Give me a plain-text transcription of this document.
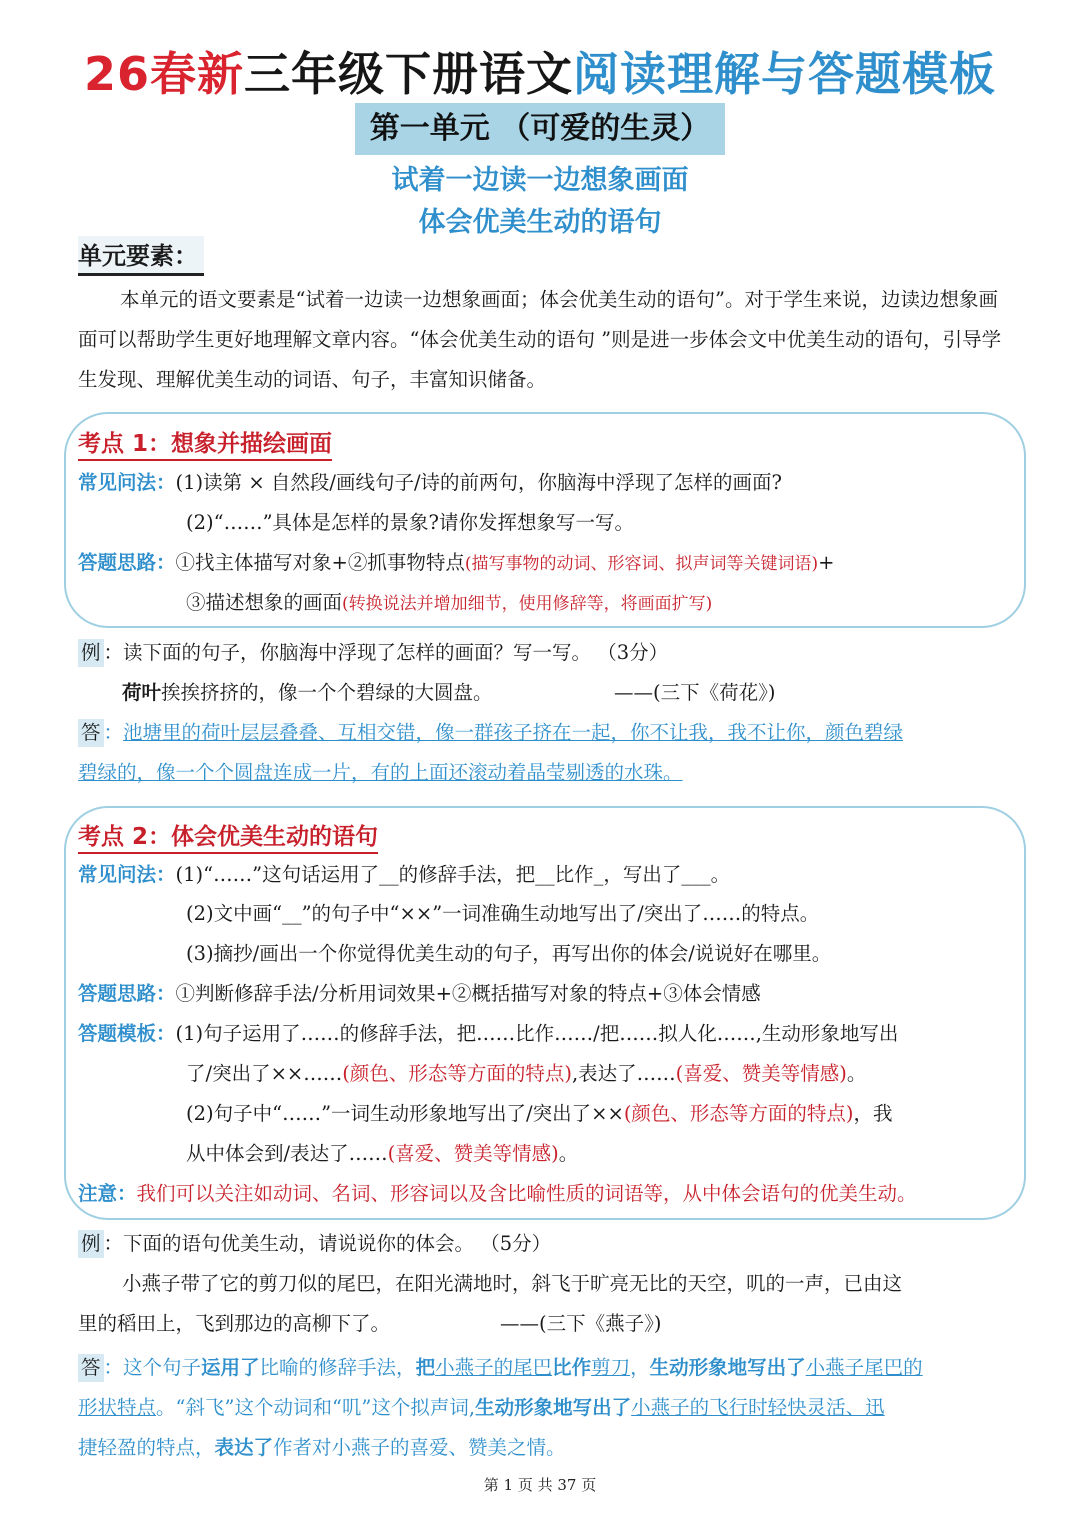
26春新三年级下册语文阅读理解与答题模板
第一单元 （可爱的生灵）
试着一边读一边想象画面
体会优美生动的语句
单元要素：

本单元的语文要素是“试着一边读一边想象画面；体会优美生动的语句”。对于学生来说，边读边想象画面可以帮助学生更好地理解文章内容。“体会优美生动的语句 ”则是进一步体会文中优美生动的语句，引导学生发现、理解优美生动的词语、句子，丰富知识储备。

考点 1：想象并描绘画面
常见问法：(1)读第 × 自然段/画线句子/诗的前两句，你脑海中浮现了怎样的画面?
(2)“……”具体是怎样的景象?请你发挥想象写一写。
答题思路：①找主体描写对象+②抓事物特点(描写事物的动词、形容词、拟声词等关键词语)+
③描述想象的画面(转换说法并增加细节，使用修辞等，将画面扩写)
例 ：读下面的句子，你脑海中浮现了怎样的画面？写一写。 （3分）
荷叶挨挨挤挤的，像一个个碧绿的大圆盘。	——(三下《荷花》)
答 ：池塘里的荷叶层层叠叠、互相交错，像一群孩子挤在一起，你不让我，我不让你，颜色碧绿
碧绿的，像一个个圆盘连成一片，有的上面还滚动着晶莹剔透的水珠。
考点 2：体会优美生动的语句
常见问法：(1)“……”这句话运用了__的修辞手法，把__比作_，写出了___。
(2)文中画“__”的句子中“××”一词准确生动地写出了/突出了……的特点。
(3)摘抄/画出一个你觉得优美生动的句子，再写出你的体会/说说好在哪里。
答题思路：①判断修辞手法/分析用词效果+②概括描写对象的特点+③体会情感
答题模板：(1)句子运用了……的修辞手法，把……比作……/把……拟人化……,生动形象地写出
了/突出了××……(颜色、形态等方面的特点),表达了……(喜爱、赞美等情感)。
(2)句子中“……”一词生动形象地写出了/突出了××(颜色、形态等方面的特点)，我
从中体会到/表达了……(喜爱、赞美等情感)。
注意：我们可以关注如动词、名词、形容词以及含比喻性质的词语等，从中体会语句的优美生动。
例 ：下面的语句优美生动，请说说你的体会。 （5分）
小燕子带了它的剪刀似的尾巴，在阳光满地时，斜飞于旷亮无比的天空，叽的一声，已由这
里的稻田上，飞到那边的高柳下了。	——(三下《燕子》)
答 ：这个句子运用了比喻的修辞手法，把小燕子的尾巴比作剪刀，生动形象地写出了小燕子尾巴的
形状特点。“斜飞”这个动词和“叽”这个拟声词,生动形象地写出了小燕子的飞行时轻快灵活、迅
捷轻盈的特点，表达了作者对小燕子的喜爱、赞美之情。
第 1 页 共 37 页
